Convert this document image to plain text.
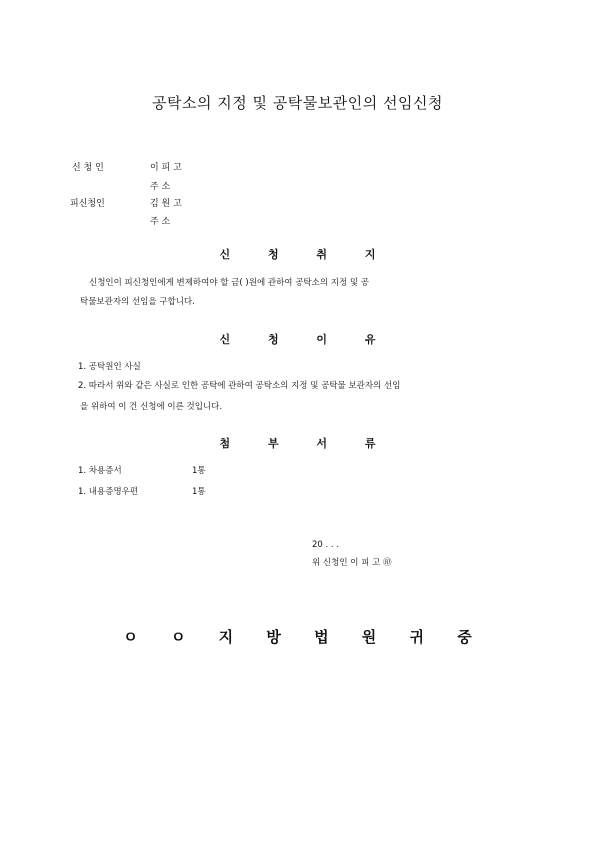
공탁소의 지정 및 공탁물보관인의 선임신청
신 청 인	이 피 고
주 소
피신청인	김 원 고
주 소
신 청 취 지
신청인이 피신청인에게 변제하여야 할 금( )원에 관하여 공탁소의 지정 및 공
탁물보관자의 선임을 구합니다.
신 청 이 유
1. 공탁원인 사실
2. 따라서 위와 같은 사실로 인한 공탁에 관하여 공탁소의 지정 및 공탁물 보관자의 선임
을 위하여 이 건 신청에 이른 것입니다.
첨 부 서 류
1. 차용증서	1통
1. 내용증명우편	1통
20 . . .
위 신청인 이 피 고 ㊞
ㅇ ㅇ 지 방 법 원 귀 중
